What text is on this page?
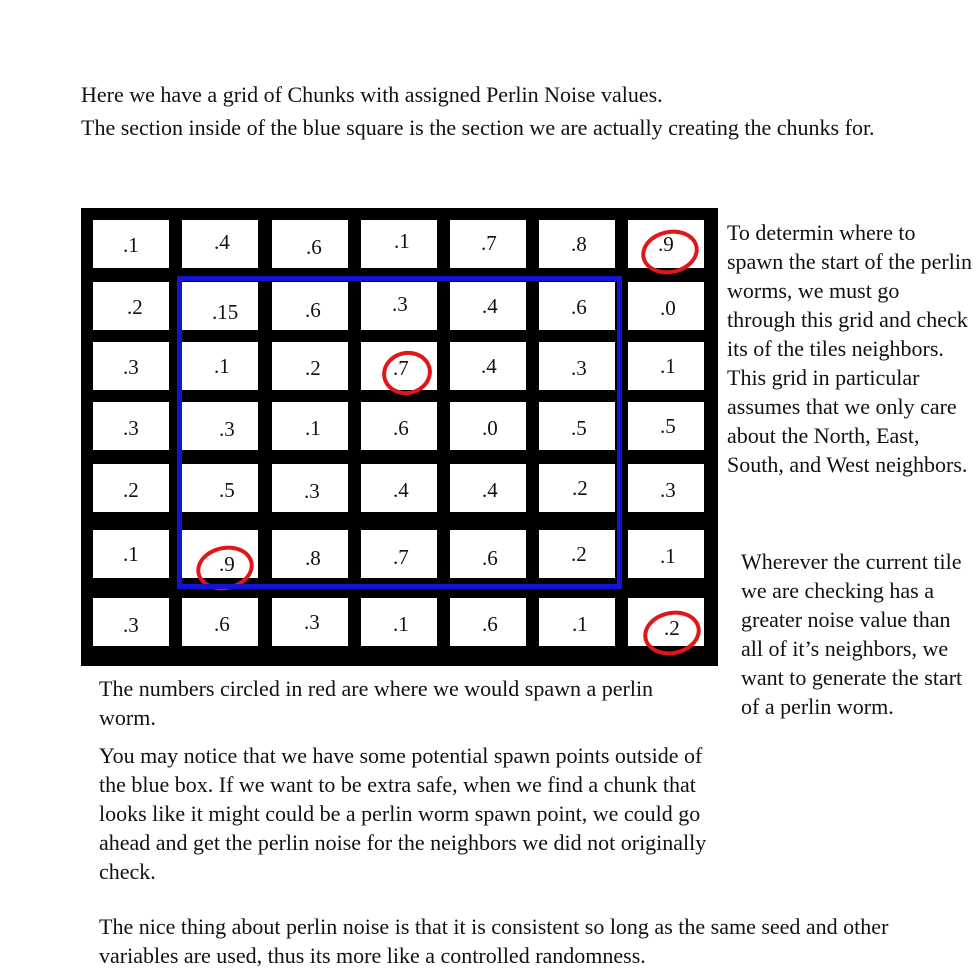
Here we have a grid of Chunks with assigned Perlin Noise values.

The section inside of the blue square is the section we are actually creating the chunks for.

.1	.4	.6	.1	.7	.8	.9
.2	.15	.6	.3	.4	.6	.0
.3	.1	.2	.7	.4	.3	.1
.3	.3	.1	.6	.0	.5	.5
.2	.5	.3	.4	.4	.2	.3
.1	.9	.8	.7	.6	.2	.1
.3	.6	.3	.1	.6	.1	.2

To determin where to spawn the start of the perlin worms, we must go through this grid and check its of the tiles neighbors.
This grid in particular assumes that we only care about the North, East, South, and West neighbors.

Wherever the current tile we are checking has a greater noise value than all of it’s neighbors, we want to generate the start of a perlin worm.

The numbers circled in red are where we would spawn a perlin worm.

You may notice that we have some potential spawn points outside of the blue box. If we want to be extra safe, when we find a chunk that looks like it might could be a perlin worm spawn point, we could go ahead and get the perlin noise for the neighbors we did not originally check.

The nice thing about perlin noise is that it is consistent so long as the same seed and other variables are used, thus its more like a controlled randomness.
